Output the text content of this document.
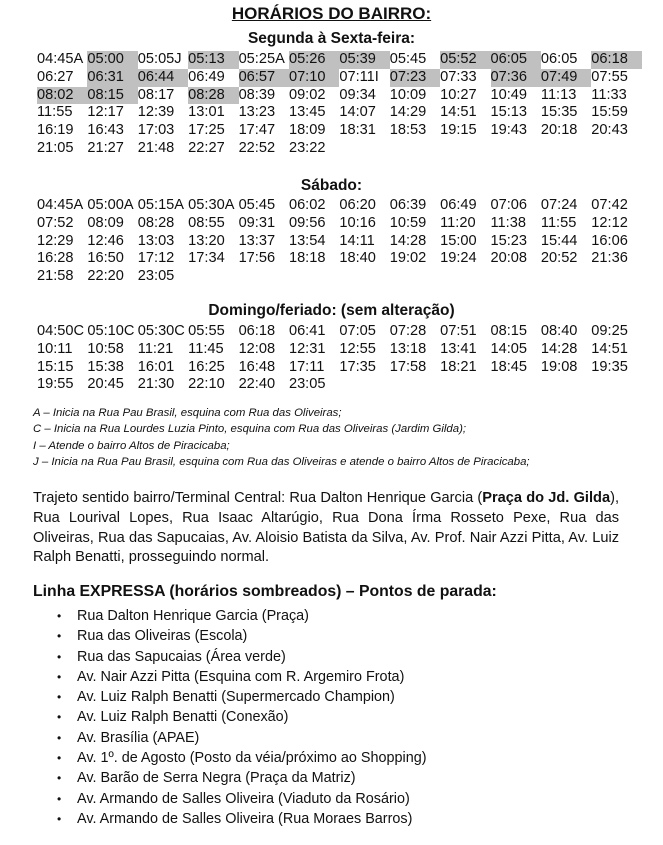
HORÁRIOS DO BAIRRO:
Segunda à Sexta-feira:
04:45A 05:00 05:05J 05:13 05:25A 05:26 05:39 05:45 05:52 06:05 06:05 06:18
06:27 06:31 06:44 06:49 06:57 07:10 07:11I 07:23 07:33 07:36 07:49 07:55
08:02 08:15 08:17 08:28 08:39 09:02 09:34 10:09 10:27 10:49 11:13	11:33
11:55	12:17 12:39 13:01 13:23 13:45 14:07 14:29 14:51 15:13 15:35 15:59
16:19 16:43 17:03 17:25 17:47 18:09 18:31 18:53 19:15 19:43 20:18 20:43
21:05 21:27 21:48 22:27 22:52 23:22
Sábado:
04:45A 05:00A 05:15A 05:30A 05:45 06:02 06:20 06:39 06:49 07:06 07:24 07:42
07:52 08:09 08:28 08:55 09:31 09:56 10:16 10:59 11:20	11:38	11:55	12:12
12:29 12:46 13:03 13:20 13:37 13:54 14:11	14:28 15:00 15:23 15:44 16:06
16:28 16:50 17:12 17:34 17:56 18:18 18:40 19:02 19:24 20:08 20:52 21:36
21:58 22:20 23:05
Domingo/feriado: (sem alteração)
04:50C 05:10C 05:30C 05:55 06:18 06:41 07:05 07:28 07:51 08:15 08:40 09:25
10:11	10:58 11:21	11:45	12:08 12:31 12:55 13:18 13:41 14:05 14:28 14:51
15:15 15:38 16:01 16:25 16:48 17:11	17:35 17:58 18:21 18:45 19:08 19:35
19:55 20:45 21:30 22:10 22:40 23:05
A – Inicia na Rua Pau Brasil, esquina com Rua das Oliveiras;
C – Inicia na Rua Lourdes Luzia Pinto, esquina com Rua das Oliveiras (Jardim Gilda);
I – Atende o bairro Altos de Piracicaba;
J – Inicia na Rua Pau Brasil, esquina com Rua das Oliveiras e atende o bairro Altos de Piracicaba;
Trajeto sentido bairro/Terminal Central: Rua Dalton Henrique Garcia (Praça do Jd. Gilda), Rua Lourival Lopes, Rua Isaac Altarúgio, Rua Dona Írma Rosseto Pexe, Rua das Oliveiras, Rua das Sapucaias, Av. Aloisio Batista da Silva, Av. Prof. Nair Azzi Pitta, Av. Luiz Ralph Benatti, prosseguindo normal.
Linha EXPRESSA (horários sombreados) – Pontos de parada:
• Rua Dalton Henrique Garcia (Praça)
• Rua das Oliveiras (Escola)
• Rua das Sapucaias (Área verde)
• Av. Nair Azzi Pitta (Esquina com R. Argemiro Frota)
• Av. Luiz Ralph Benatti (Supermercado Champion)
• Av. Luiz Ralph Benatti (Conexão)
• Av. Brasília (APAE)
• Av. 1º. de Agosto (Posto da véia/próximo ao Shopping)
• Av. Barão de Serra Negra (Praça da Matriz)
• Av. Armando de Salles Oliveira (Viaduto da Rosário)
• Av. Armando de Salles Oliveira (Rua Moraes Barros)
